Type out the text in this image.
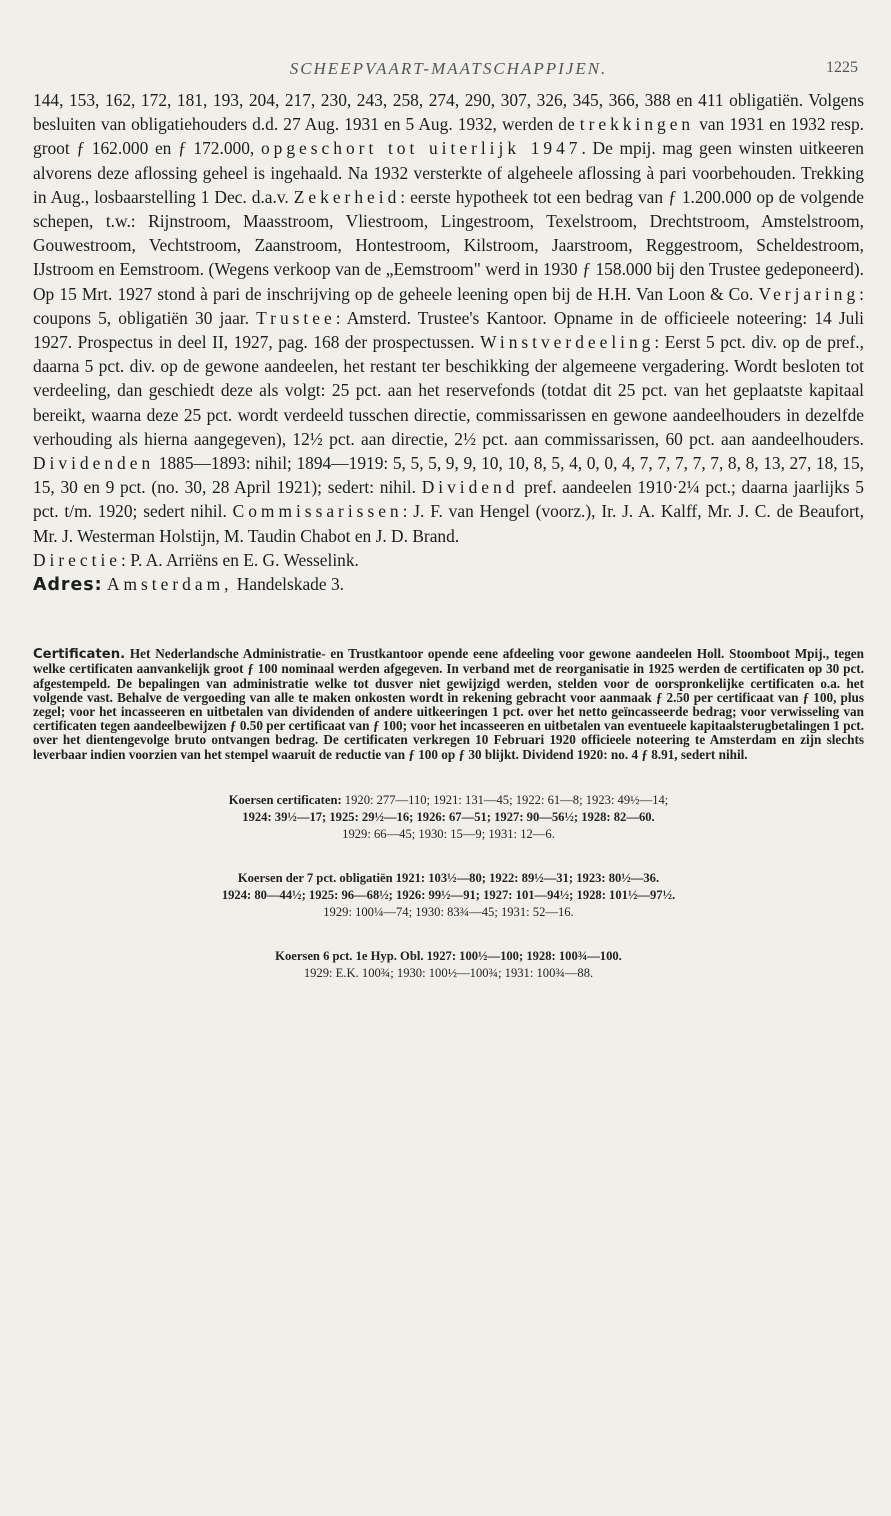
SCHEEPVAART-MAATSCHAPPIJEN.	1225

144, 153, 162, 172, 181, 193, 204, 217, 230, 243, 258, 274, 290, 307, 326, 345, 366, 388 en 411 obligatiën. Volgens besluiten van obligatiehouders d.d. 27 Aug. 1931 en 5 Aug. 1932, werden de trekkingen van 1931 en 1932 resp. groot ƒ 162.000 en ƒ 172.000, opgeschort tot uiterlijk 1947. De mpij. mag geen winsten uitkeeren alvorens deze aflossing geheel is ingehaald. Na 1932 versterkte of algeheele aflossing à pari voorbehouden. Trekking in Aug., losbaarstelling 1 Dec. d.a.v. Zekerheid: eerste hypotheek tot een bedrag van ƒ 1.200.000 op de volgende schepen, t.w.: Rijnstroom, Maasstroom, Vliestroom, Lingestroom, Texelstroom, Drechtstroom, Amstelstroom, Gouwestroom, Vechtstroom, Zaanstroom, Hontestroom, Kilstroom, Jaarstroom, Reggestroom, Scheldestroom, IJstroom en Eemstroom. (Wegens verkoop van de „Eemstroom" werd in 1930 ƒ 158.000 bij den Trustee gedeponeerd). Op 15 Mrt. 1927 stond à pari de inschrijving op de geheele leening open bij de H.H. Van Loon & Co. Verjaring: coupons 5, obligatiën 30 jaar. Trustee: Amsterd. Trustee's Kantoor. Opname in de officieele noteering: 14 Juli 1927. Prospectus in deel II, 1927, pag. 168 der prospectussen. Winstverdeeling: Eerst 5 pct. div. op de pref., daarna 5 pct. div. op de gewone aandeelen, het restant ter beschikking der algemeene vergadering. Wordt besloten tot verdeeling, dan geschiedt deze als volgt: 25 pct. aan het reservefonds (totdat dit 25 pct. van het geplaatste kapitaal bereikt, waarna deze 25 pct. wordt verdeeld tusschen directie, commissarissen en gewone aandeelhouders in dezelfde verhouding als hierna aangegeven), 12½ pct. aan directie, 2½ pct. aan commissarissen, 60 pct. aan aandeelhouders. Dividenden 1885—1893: nihil; 1894—1919: 5, 5, 5, 9, 9, 10, 10, 8, 5, 4, 0, 0, 4, 7, 7, 7, 7, 7, 8, 8, 13, 27, 18, 15, 15, 30 en 9 pct. (no. 30, 28 April 1921); sedert: nihil. Dividend pref. aandeelen 1910·2¼ pct.; daarna jaarlijks 5 pct. t/m. 1920; sedert nihil. Commissarissen: J. F. van Hengel (voorz.), Ir. J. A. Kalff, Mr. J. C. de Beaufort, Mr. J. Westerman Holstijn, M. Taudin Chabot en J. D. Brand.
Directie: P. A. Arriëns en E. G. Wesselink.
Adres: Amsterdam, Handelskade 3.

Certificaten. Het Nederlandsche Administratie- en Trustkantoor opende eene afdeeling voor gewone aandeelen Holl. Stoomboot Mpij., tegen welke certificaten aanvankelijk groot ƒ 100 nominaal werden afgegeven. In verband met de reorganisatie in 1925 werden de certificaten op 30 pct. afgestempeld. De bepalingen van administratie welke tot dusver niet gewijzigd werden, stelden voor de oorspronkelijke certificaten o.a. het volgende vast. Behalve de vergoeding van alle te maken onkosten wordt in rekening gebracht voor aanmaak ƒ 2.50 per certificaat van ƒ 100, plus zegel; voor het incasseeren en uitbetalen van dividenden of andere uitkeeringen 1 pct. over het netto geïncasseerde bedrag; voor verwisseling van certificaten tegen aandeelbewijzen ƒ 0.50 per certificaat van ƒ 100; voor het incasseeren en uitbetalen van eventueele kapitaalsterugbetalingen 1 pct. over het dientengevolge bruto ontvangen bedrag. De certificaten verkregen 10 Februari 1920 officieele noteering te Amsterdam en zijn slechts leverbaar indien voorzien van het stempel waaruit de reductie van ƒ 100 op ƒ 30 blijkt. Dividend 1920: no. 4 ƒ 8.91, sedert nihil.

Koersen certificaten: 1920: 277—110; 1921: 131—45; 1922: 61—8; 1923: 49½—14;
1924: 39½—17; 1925: 29½—16; 1926: 67—51; 1927: 90—56½; 1928: 82—60.
1929: 66—45; 1930: 15—9; 1931: 12—6.
Koersen der 7 pct. obligatiën 1921: 103½—80; 1922: 89½—31; 1923: 80½—36.
1924: 80—44½; 1925: 96—68½; 1926: 99½—91; 1927: 101—94½; 1928: 101½—97½.
1929: 100¼—74; 1930: 83¾—45; 1931: 52—16.
Koersen 6 pct. 1e Hyp. Obl. 1927: 100½—100; 1928: 100¾—100.
1929: E.K. 100¾; 1930: 100½—100¾; 1931: 100¾—88.
